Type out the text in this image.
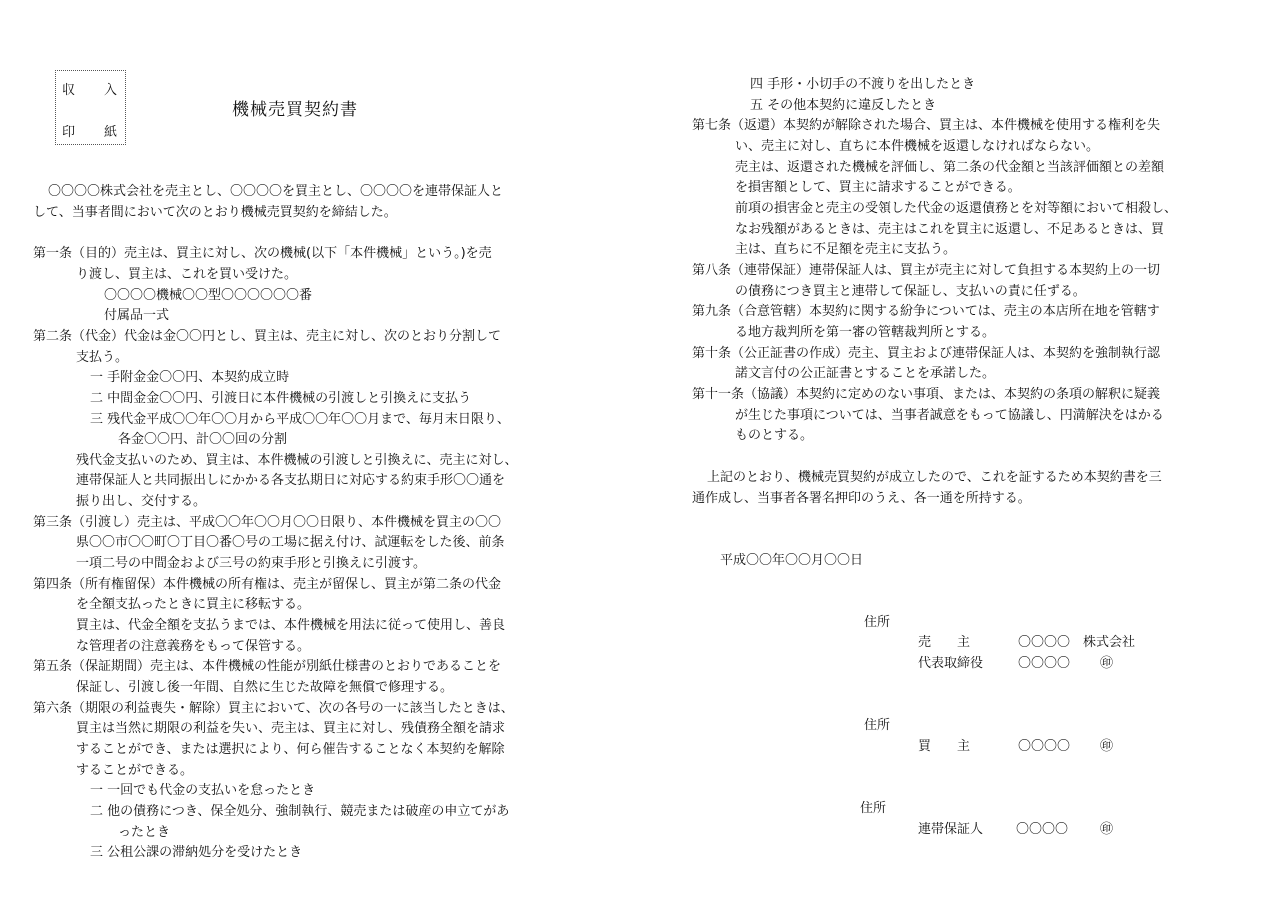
収 入
印 紙
機械売買契約書
〇〇〇〇株式会社を売主とし、〇〇〇〇を買主とし、〇〇〇〇を連帯保証人と
して、当事者間において次のとおり機械売買契約を締結した。
第一条（目的）売主は、買主に対し、次の機械(以下「本件機械」という。)を売
り渡し、買主は、これを買い受けた。
〇〇〇〇機械〇〇型〇〇〇〇〇〇番
付属品一式
第二条（代金）代金は金〇〇円とし、買主は、売主に対し、次のとおり分割して
支払う。
一 手附金金〇〇円、本契約成立時
二 中間金金〇〇円、引渡日に本件機械の引渡しと引換えに支払う
三 残代金平成〇〇年〇〇月から平成〇〇年〇〇月まで、毎月末日限り、
各金〇〇円、計〇〇回の分割
残代金支払いのため、買主は、本件機械の引渡しと引換えに、売主に対し、
連帯保証人と共同振出しにかかる各支払期日に対応する約束手形〇〇通を
振り出し、交付する。
第三条（引渡し）売主は、平成〇〇年〇〇月〇〇日限り、本件機械を買主の〇〇
県〇〇市〇〇町〇丁目〇番〇号の工場に据え付け、試運転をした後、前条
一項二号の中間金および三号の約束手形と引換えに引渡す。
第四条（所有権留保）本件機械の所有権は、売主が留保し、買主が第二条の代金
を全額支払ったときに買主に移転する。
買主は、代金全額を支払うまでは、本件機械を用法に従って使用し、善良
な管理者の注意義務をもって保管する。
第五条（保証期間）売主は、本件機械の性能が別紙仕様書のとおりであることを
保証し、引渡し後一年間、自然に生じた故障を無償で修理する。
第六条（期限の利益喪失・解除）買主において、次の各号の一に該当したときは、
買主は当然に期限の利益を失い、売主は、買主に対し、残債務全額を請求
することができ、または選択により、何ら催告することなく本契約を解除
することができる。
一 一回でも代金の支払いを怠ったとき
二 他の債務につき、保全処分、強制執行、競売または破産の申立てがあ
ったとき
三 公租公課の滞納処分を受けたとき
四 手形・小切手の不渡りを出したとき
五 その他本契約に違反したとき
第七条（返還）本契約が解除された場合、買主は、本件機械を使用する権利を失
い、売主に対し、直ちに本件機械を返還しなければならない。
売主は、返還された機械を評価し、第二条の代金額と当該評価額との差額
を損害額として、買主に請求することができる。
前項の損害金と売主の受領した代金の返還債務とを対等額において相殺し、
なお残額があるときは、売主はこれを買主に返還し、不足あるときは、買
主は、直ちに不足額を売主に支払う。
第八条（連帯保証）連帯保証人は、買主が売主に対して負担する本契約上の一切
の債務につき買主と連帯して保証し、支払いの責に任ずる。
第九条（合意管轄）本契約に関する紛争については、売主の本店所在地を管轄す
る地方裁判所を第一審の管轄裁判所とする。
第十条（公正証書の作成）売主、買主および連帯保証人は、本契約を強制執行認
諾文言付の公正証書とすることを承諾した。
第十一条（協議）本契約に定めのない事項、または、本契約の条項の解釈に疑義
が生じた事項については、当事者誠意をもって協議し、円満解決をはかる
ものとする。
上記のとおり、機械売買契約が成立したので、これを証するため本契約書を三
通作成し、当事者各署名押印のうえ、各一通を所持する。
平成〇〇年〇〇月〇〇日
住所
売　　主	〇〇〇〇　株式会社
代表取締役	〇〇〇〇 ㊞
住所
買　　主	〇〇〇〇 ㊞
住所
連帯保証人	〇〇〇〇 ㊞
